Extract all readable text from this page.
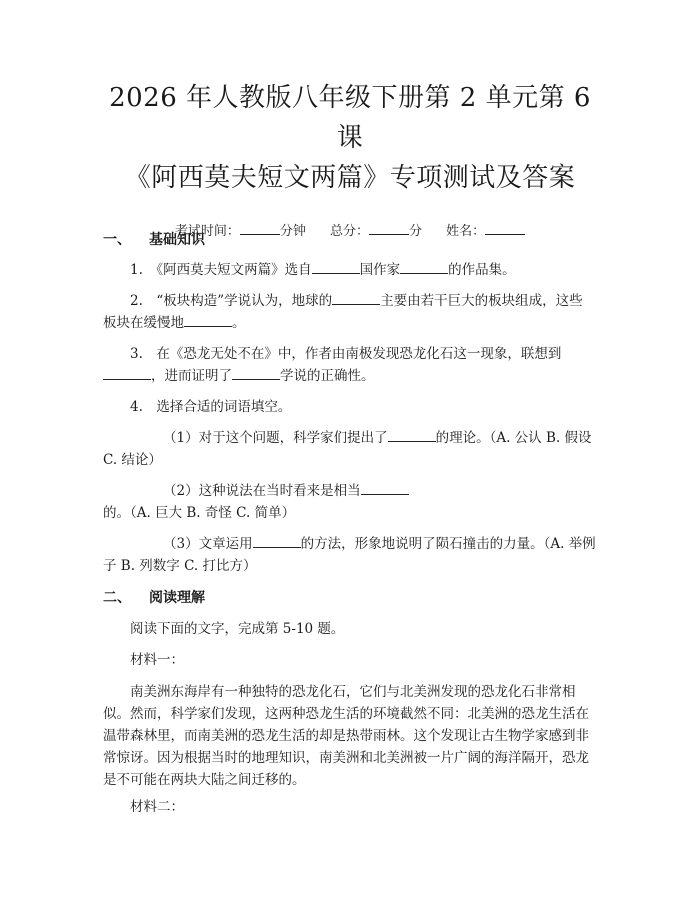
2026 年人教版八年级下册第 2 单元第 6 课
《阿西莫夫短文两篇》专项测试及答案
考试时间：	分钟 总分：	分 姓名：
一、 基础知识

1.　《阿西莫夫短文两篇》选自	国作家	的作品集。

2.　“板块构造”学说认为，地球的	主要由若干巨大的板块组成，这些板块在缓慢地	。

3.　在《恐龙无处不在》中，作者由南极发现恐龙化石这一现象，联想到，进而证明了	学说的正确性。

4.　选择合适的词语填空。

（1）对于这个问题，科学家们提出了	的理论。（A. 公认 B. 假设 C. 结论）

（2）这种说法在当时看来是相当的。（A. 巨大 B. 奇怪 C. 简单）

（3）文章运用	的方法，形象地说明了陨石撞击的力量。（A. 举例子 B. 列数字 C. 打比方）

二、 阅读理解

阅读下面的文字，完成第 5-10 题。

材料一：

南美洲东海岸有一种独特的恐龙化石，它们与北美洲发现的恐龙化石非常相似。然而，科学家们发现，这两种恐龙生活的环境截然不同：北美洲的恐龙生活在温带森林里，而南美洲的恐龙生活的却是热带雨林。这个发现让古生物学家感到非常惊讶。因为根据当时的地理知识，南美洲和北美洲被一片广阔的海洋隔开，恐龙是不可能在两块大陆之间迁移的。

材料二：
